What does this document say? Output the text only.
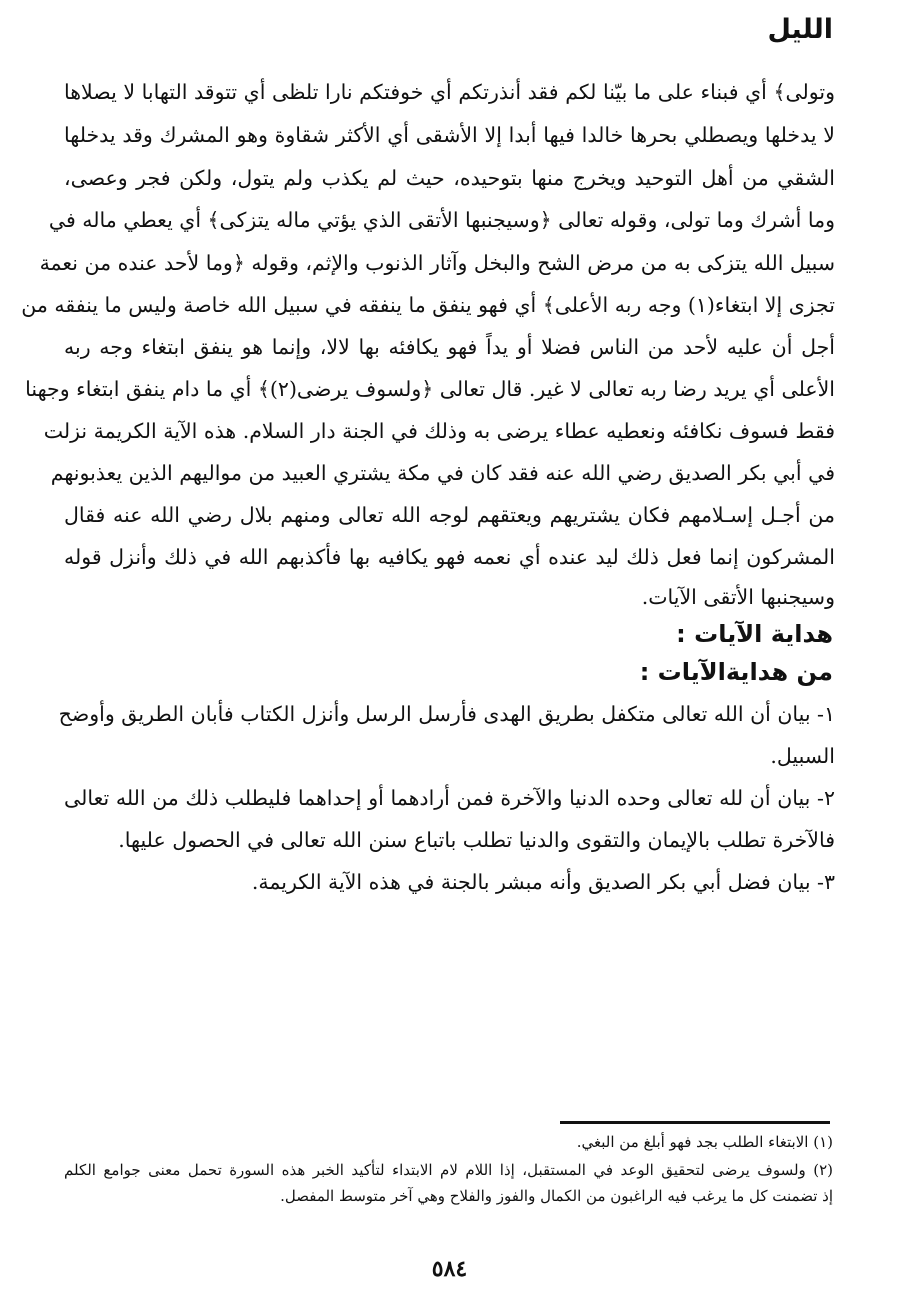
الليل
وتولى﴾ أي فبناء على ما بيّنا لكم فقد أنذرتكم أي خوفتكم نارا تلظى أي تتوقد التهابا لا يصلاها
لا يدخلها ويصطلي بحرها خالدا فيها أبدا إلا الأشقى أي الأكثر شقاوة وهو المشرك وقد يدخلها
الشقي من أهل التوحيد ويخرج منها بتوحيده، حيث لم يكذب ولم يتول، ولكن فجر وعصى،
وما أشرك وما تولى، وقوله تعالى ﴿وسيجنبها الأتقى الذي يؤتي ماله يتزكى﴾ أي يعطي ماله في
سبيل الله يتزكى به من مرض الشح والبخل وآثار الذنوب والإثم، وقوله ﴿وما لأحد عنده من نعمة
تجزى إلا ابتغاء(١) وجه ربه الأعلى﴾ أي فهو ينفق ما ينفقه في سبيل الله خاصة وليس ما ينفقه من
أجل أن عليه لأحد من الناس فضلا أو يداً فهو يكافئه بها لالا، وإنما هو ينفق ابتغاء وجه ربه
الأعلى أي يريد رضا ربه تعالى لا غير. قال تعالى ﴿ولسوف يرضى(٢)﴾ أي ما دام ينفق ابتغاء وجهنا
فقط فسوف نكافئه ونعطيه عطاء يرضى به وذلك في الجنة دار السلام. هذه الآية الكريمة نزلت
في أبي بكر الصديق رضي الله عنه فقد كان في مكة يشتري العبيد من مواليهم الذين يعذبونهم
من أجـل إسـلامهم فكان يشتريهم ويعتقهم لوجه الله تعالى ومنهم بلال رضي الله عنه فقال
المشركون إنما فعل ذلك ليد عنده أي نعمه فهو يكافيه بها فأكذبهم الله في ذلك وأنزل قوله
وسيجنبها الأتقى الآيات.
هداية الآيات :
من هدايةالآيات :
١- بيان أن الله تعالى متكفل بطريق الهدى فأرسل الرسل وأنزل الكتاب فأبان الطريق وأوضح
السبيل.
٢- بيان أن لله تعالى وحده الدنيا والآخرة فمن أرادهما أو إحداهما فليطلب ذلك من الله تعالى
فالآخرة تطلب بالإيمان والتقوى والدنيا تطلب باتباع سنن الله تعالى في الحصول عليها.
٣- بيان فضل أبي بكر الصديق وأنه مبشر بالجنة في هذه الآية الكريمة.
(١) الابتغاء الطلب بجد فهو أبلغ من البغي.
(٢) ولسوف يرضى لتحقيق الوعد في المستقبل، إذا اللام لام الابتداء لتأكيد الخبر هذه السورة تحمل معنى جوامع الكلم
إذ تضمنت كل ما يرغب فيه الراغبون من الكمال والفوز والفلاح وهي آخر متوسط المفصل.
٥٨٤
